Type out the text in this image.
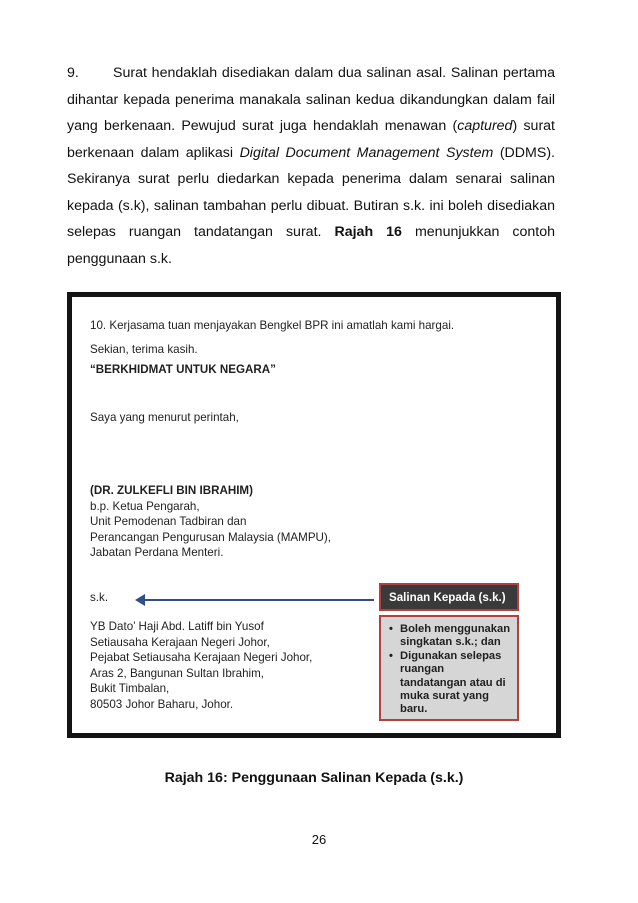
9. Surat hendaklah disediakan dalam dua salinan asal. Salinan pertama dihantar kepada penerima manakala salinan kedua dikandungkan dalam fail yang berkenaan. Pewujud surat juga hendaklah menawan (captured) surat berkenaan dalam aplikasi Digital Document Management System (DDMS). Sekiranya surat perlu diedarkan kepada penerima dalam senarai salinan kepada (s.k), salinan tambahan perlu dibuat. Butiran s.k. ini boleh disediakan selepas ruangan tandatangan surat. Rajah 16 menunjukkan contoh penggunaan s.k.

10. Kerjasama tuan menjayakan Bengkel BPR ini amatlah kami hargai.

Sekian, terima kasih.

“BERKHIDMAT UNTUK NEGARA”

Saya yang menurut perintah,

(DR. ZULKEFLI BIN IBRAHIM)
b.p. Ketua Pengarah,
Unit Pemodenan Tadbiran dan
Perancangan Pengurusan Malaysia (MAMPU),
Jabatan Perdana Menteri.

s.k.

YB Dato’ Haji Abd. Latiff bin Yusof
Setiausaha Kerajaan Negeri Johor,
Pejabat Setiausaha Kerajaan Negeri Johor,
Aras 2, Bangunan Sultan Ibrahim,
Bukit Timbalan,
80503 Johor Baharu, Johor.
Salinan Kepada (s.k.)
• Boleh menggunakan singkatan s.k.; dan
• Digunakan selepas ruangan tandatangan atau di muka surat yang baru.
Rajah 16: Penggunaan Salinan Kepada (s.k.)
26
